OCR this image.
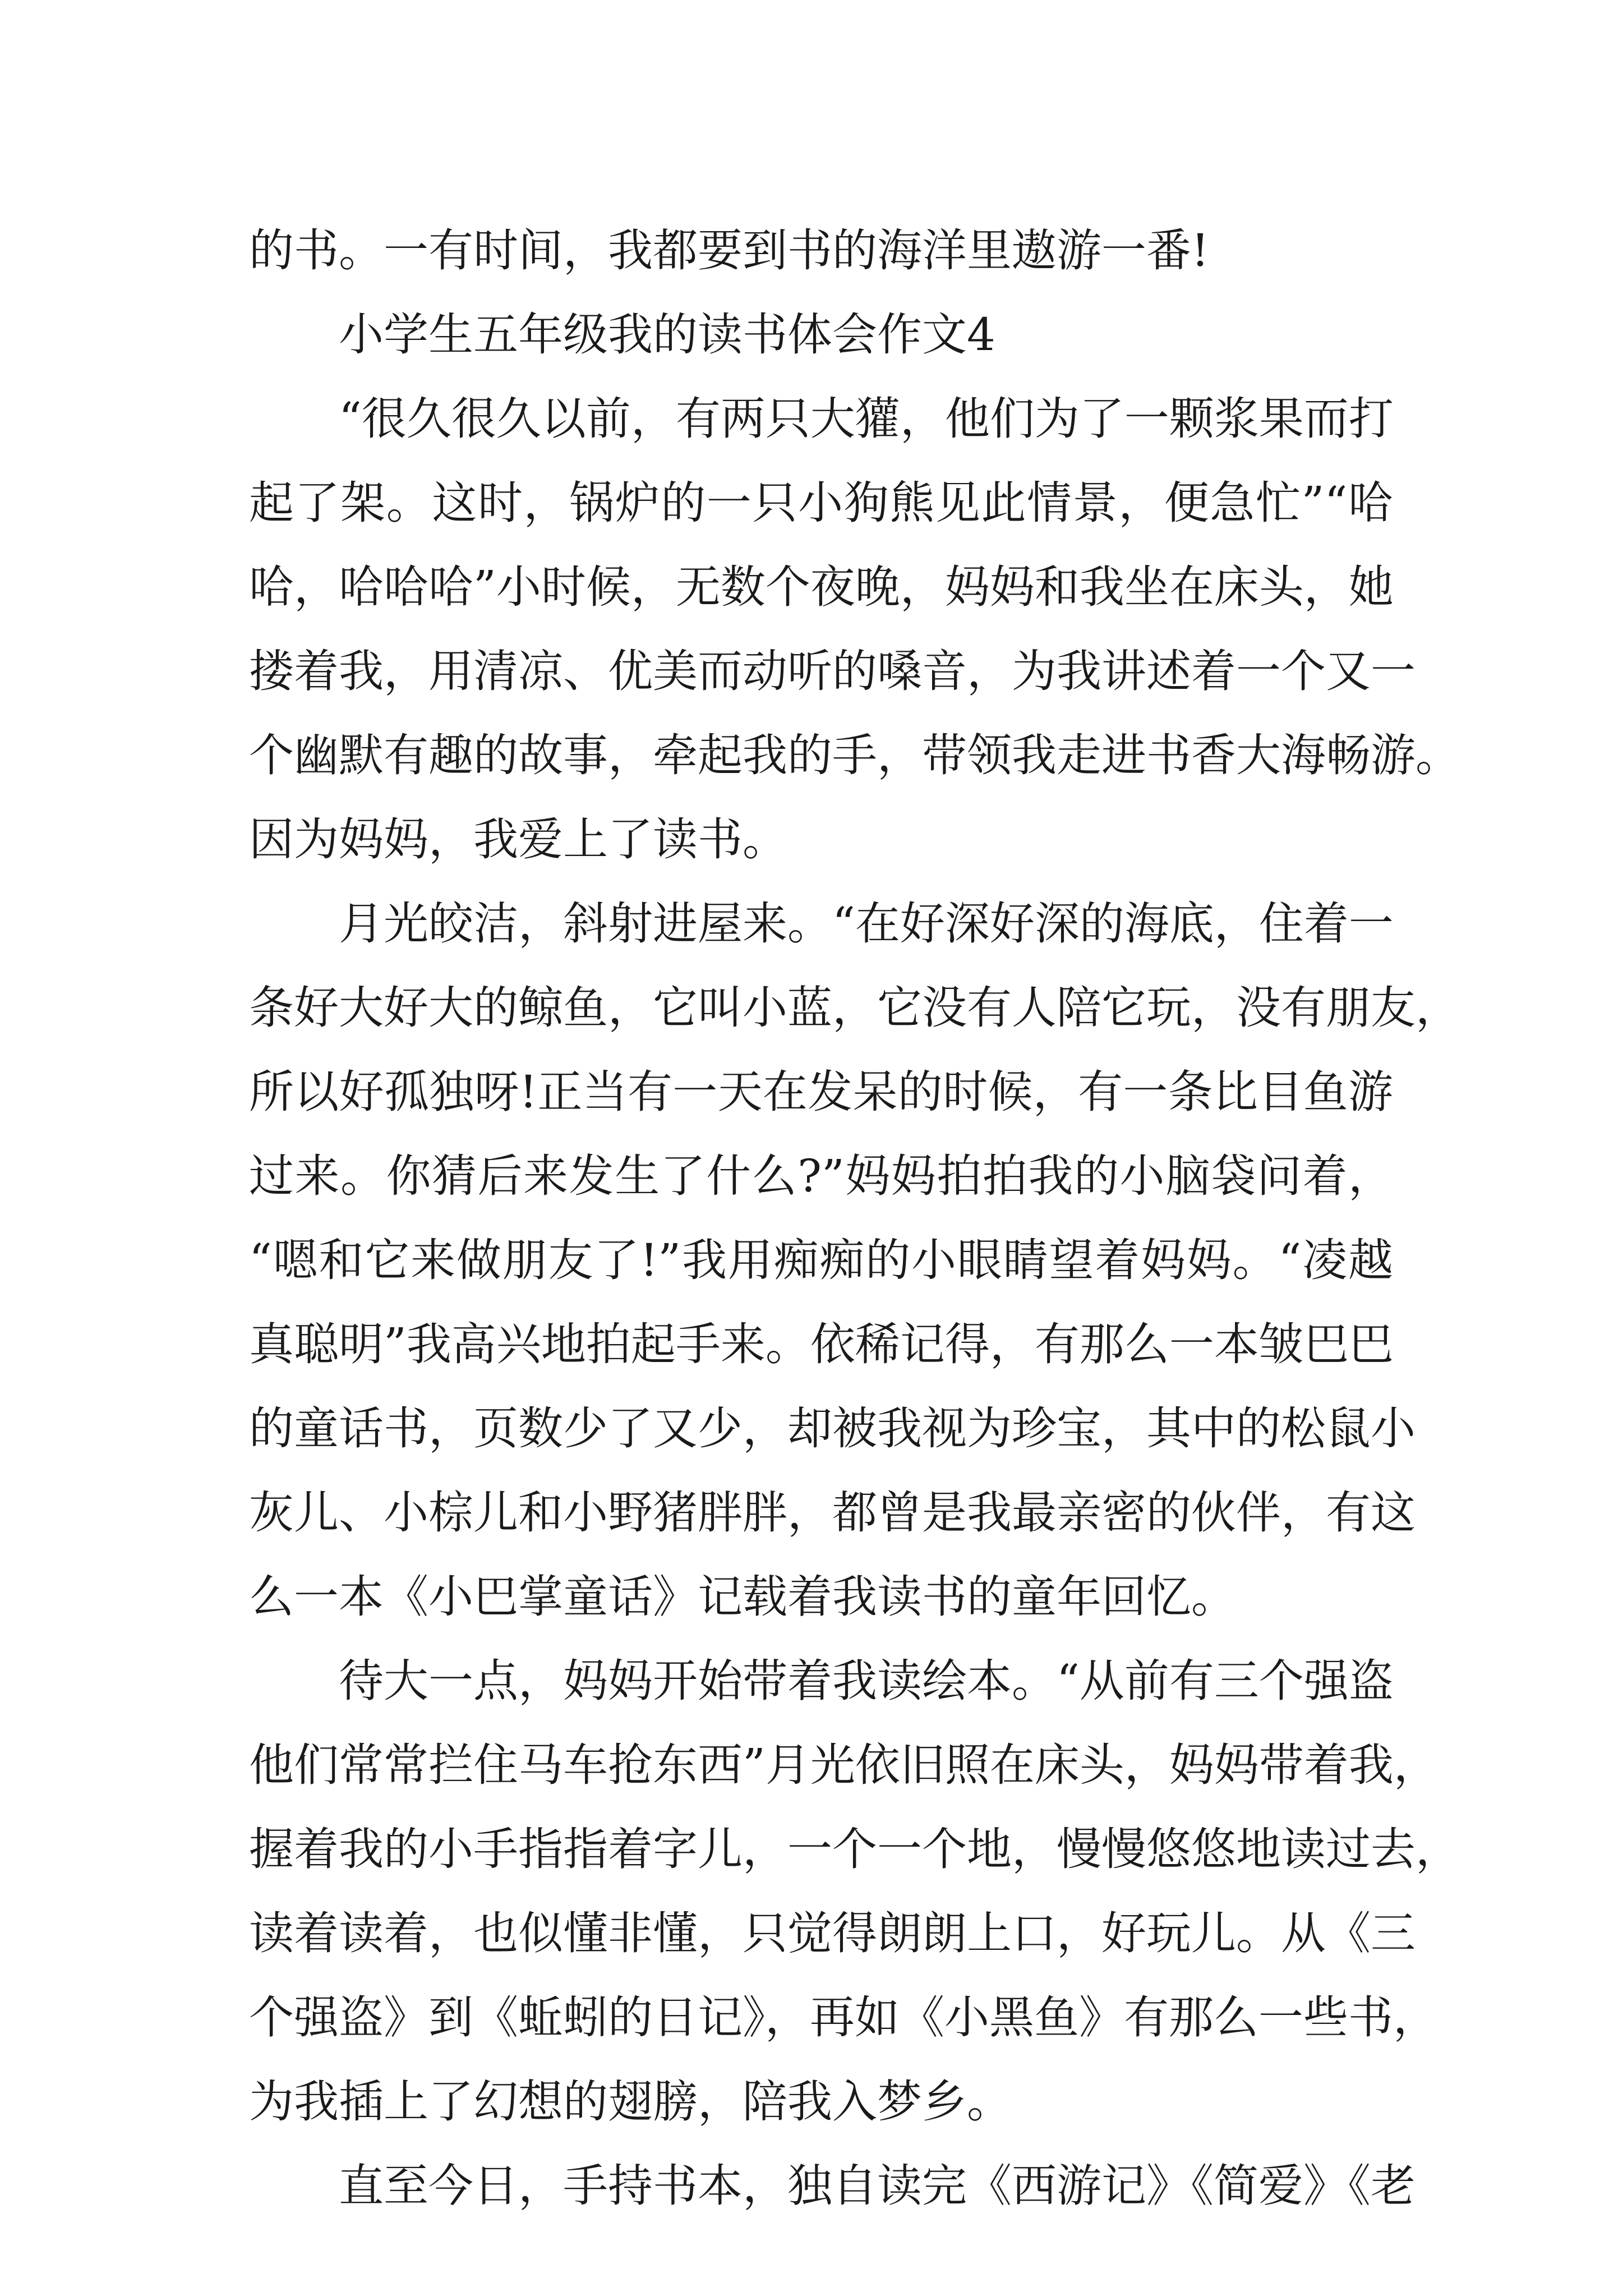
的书。一有时间，我都要到书的海洋里遨游一番!
小学生五年级我的读书体会作文4
“很久很久以前，有两只大獾，他们为了一颗浆果而打
起了架。这时，锅炉的一只小狗熊见此情景，便急忙”“哈
哈，哈哈哈”小时候，无数个夜晚，妈妈和我坐在床头，她
搂着我，用清凉、优美而动听的嗓音，为我讲述着一个又一
个幽默有趣的故事，牵起我的手，带领我走进书香大海畅游。
因为妈妈，我爱上了读书。
月光皎洁，斜射进屋来。“在好深好深的海底，住着一
条好大好大的鲸鱼，它叫小蓝，它没有人陪它玩，没有朋友，
所以好孤独呀!正当有一天在发呆的时候，有一条比目鱼游
过来。你猜后来发生了什么?”妈妈拍拍我的小脑袋问着，
“嗯和它来做朋友了!”我用痴痴的小眼睛望着妈妈。“凌越
真聪明”我高兴地拍起手来。依稀记得，有那么一本皱巴巴
的童话书，页数少了又少，却被我视为珍宝，其中的松鼠小
灰儿、小棕儿和小野猪胖胖，都曾是我最亲密的伙伴，有这
么一本《小巴掌童话》记载着我读书的童年回忆。
待大一点，妈妈开始带着我读绘本。“从前有三个强盗
他们常常拦住马车抢东西”月光依旧照在床头，妈妈带着我，
握着我的小手指指着字儿，一个一个地，慢慢悠悠地读过去，
读着读着，也似懂非懂，只觉得朗朗上口，好玩儿。从《三
个强盗》到《蚯蚓的日记》，再如《小黑鱼》有那么一些书，
为我插上了幻想的翅膀，陪我入梦乡。
直至今日，手持书本，独自读完《西游记》《简爱》《老
